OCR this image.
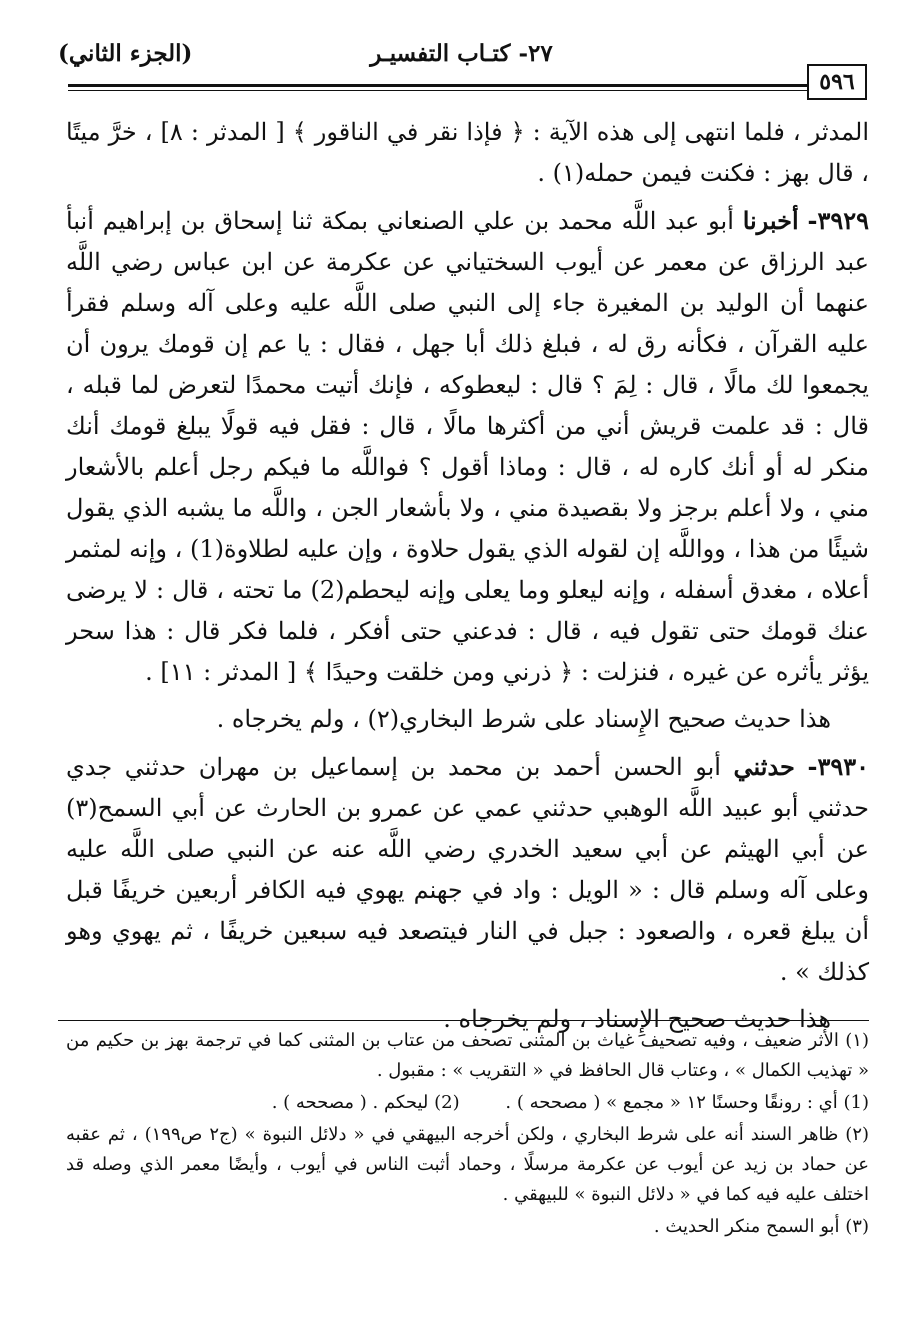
(الجزء الثاني)	٢٧- كتـاب التفسيـر
٥٩٦

المدثر ، فلما انتهى إلى هذه الآية : ﴿ فإذا نقر في الناقور ﴾ [ المدثر : ٨] ، خرَّ ميتًا ، قال بهز : فكنت فيمن حمله(١) .

٣٩٢٩- أخبرنا أبو عبد اللَّه محمد بن علي الصنعاني بمكة ثنا إسحاق بن إبراهيم أنبأ عبد الرزاق عن معمر عن أيوب السختياني عن عكرمة عن ابن عباس رضي اللَّه عنهما أن الوليد بن المغيرة جاء إلى النبي صلى اللَّه عليه وعلى آله وسلم فقرأ عليه القرآن ، فكأنه رق له ، فبلغ ذلك أبا جهل ، فقال : يا عم إن قومك يرون أن يجمعوا لك مالًا ، قال : لِمَ ؟ قال : ليعطوكه ، فإنك أتيت محمدًا لتعرض لما قبله ، قال : قد علمت قريش أني من أكثرها مالًا ، قال : فقل فيه قولًا يبلغ قومك أنك منكر له أو أنك كاره له ، قال : وماذا أقول ؟ فواللَّه ما فيكم رجل أعلم بالأشعار مني ، ولا أعلم برجز ولا بقصيدة مني ، ولا بأشعار الجن ، واللَّه ما يشبه الذي يقول شيئًا من هذا ، وواللَّه إن لقوله الذي يقول حلاوة ، وإن عليه لطلاوة(1) ، وإنه لمثمر أعلاه ، مغدق أسفله ، وإنه ليعلو وما يعلى وإنه ليحطم(2) ما تحته ، قال : لا يرضى عنك قومك حتى تقول فيه ، قال : فدعني حتى أفكر ، فلما فكر قال : هذا سحر يؤثر يأثره عن غيره ، فنزلت : ﴿ ذرني ومن خلقت وحيدًا ﴾ [ المدثر : ١١] .

هذا حديث صحيح الإِسناد على شرط البخاري(٢) ، ولم يخرجاه .

٣٩٣٠- حدثني أبو الحسن أحمد بن محمد بن إسماعيل بن مهران حدثني جدي حدثني أبو عبيد اللَّه الوهبي حدثني عمي عن عمرو بن الحارث عن أبي السمح(٣) عن أبي الهيثم عن أبي سعيد الخدري رضي اللَّه عنه عن النبي صلى اللَّه عليه وعلى آله وسلم قال : « الويل : واد في جهنم يهوي فيه الكافر أربعين خريفًا قبل أن يبلغ قعره ، والصعود : جبل في النار فيتصعد فيه سبعين خريفًا ، ثم يهوي وهو كذلك » .

هذا حديث صحيح الإِسناد ، ولم يخرجاه .

(١) الأثر ضعيف ، وفيه تصحيف غياث بن المثنى تصحف من عتاب بن المثنى كما في ترجمة بهز بن حكيم من « تهذيب الكمال » ، وعتاب قال الحافظ في « التقريب » : مقبول .

(1) أي : رونقًا وحسنًا ١٢ « مجمع » ( مصححه ) . (2) ليحكم . ( مصححه ) .

(٢) ظاهر السند أنه على شرط البخاري ، ولكن أخرجه البيهقي في « دلائل النبوة » (ج٢ ص١٩٩) ، ثم عقبه عن حماد بن زيد عن أيوب عن عكرمة مرسلًا ، وحماد أثبت الناس في أيوب ، وأيضًا معمر الذي وصله قد اختلف عليه فيه كما في « دلائل النبوة » للبيهقي .

(٣) أبو السمح منكر الحديث .
